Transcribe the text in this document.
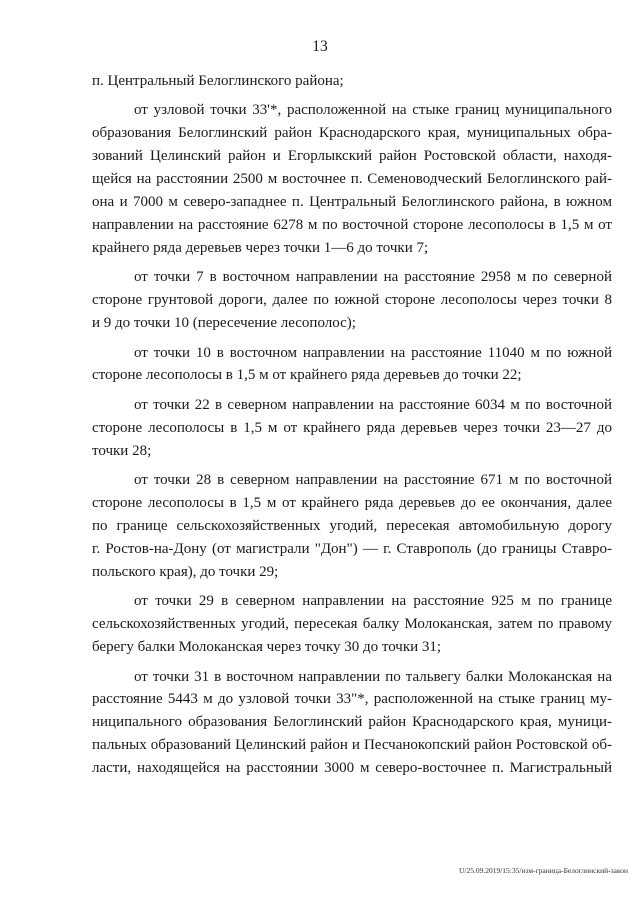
13
п. Центральный Белоглинского района;
от узловой точки 33'*, расположенной на стыке границ муниципального
образования Белоглинский район Краснодарского края, муниципальных обра-
зований Целинский район и Егорлыкский район Ростовской области, находя-
щейся на расстоянии 2500 м восточнее п. Семеноводческий Белоглинского рай-
она и 7000 м северо-западнее п. Центральный Белоглинского района, в южном
направлении на расстояние 6278 м по восточной стороне лесополосы в 1,5 м от
крайнего ряда деревьев через точки 1—6 до точки 7;
от точки 7 в восточном направлении на расстояние 2958 м по северной
стороне грунтовой дороги, далее по южной стороне лесополосы через точки 8
и 9 до точки 10 (пересечение лесополос);
от точки 10 в восточном направлении на расстояние 11040 м по южной
стороне лесополосы в 1,5 м от крайнего ряда деревьев до точки 22;
от точки 22 в северном направлении на расстояние 6034 м по восточной
стороне лесополосы в 1,5 м от крайнего ряда деревьев через точки 23—27 до
точки 28;
от точки 28 в северном направлении на расстояние 671 м по восточной
стороне лесополосы в 1,5 м от крайнего ряда деревьев до ее окончания, далее
по границе сельскохозяйственных угодий, пересекая автомобильную дорогу
г. Ростов-на-Дону (от магистрали "Дон") — г. Ставрополь (до границы Ставро-
польского края), до точки 29;
от точки 29 в северном направлении на расстояние 925 м по границе
сельскохозяйственных угодий, пересекая балку Молоканская, затем по правому
берегу балки Молоканская через точку 30 до точки 31;
от точки 31 в восточном направлении по тальвегу балки Молоканская на
расстояние 5443 м до узловой точки 33"*, расположенной на стыке границ му-
ниципального образования Белоглинский район Краснодарского края, муници-
пальных образований Целинский район и Песчанокопский район Ростовской об-
ласти, находящейся на расстоянии 3000 м северо-восточнее п. Магистральный
U/25.09.2019/15:35/изм-граница-Белоглинский-закон
